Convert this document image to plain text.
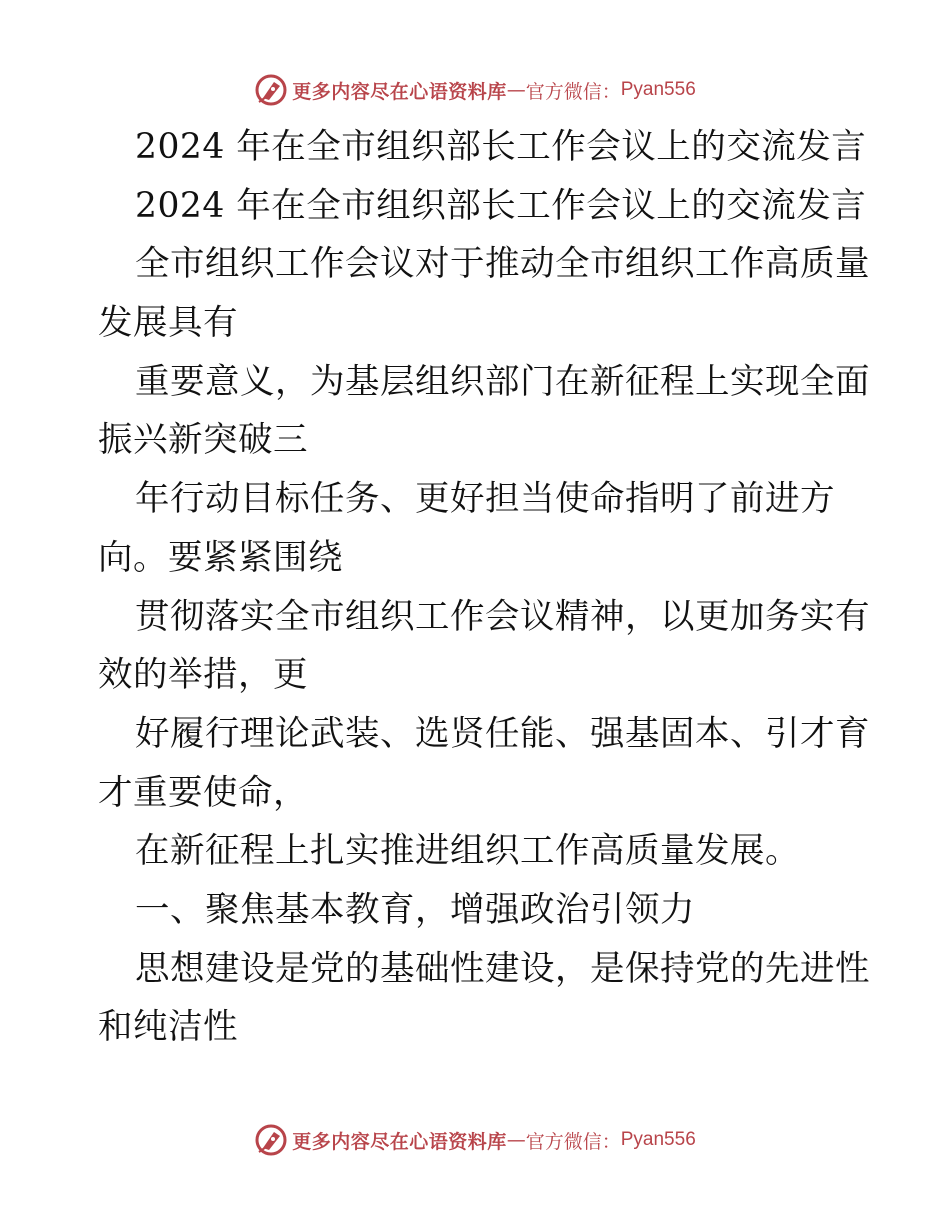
更多内容尽在心语资料库 — 官方微信： Pyan556
2024 年在全市组织部长工作会议上的交流发言
2024 年在全市组织部长工作会议上的交流发言
全市组织工作会议对于推动全市组织工作高质量
发展具有
重要意义，为基层组织部门在新征程上实现全面
振兴新突破三
年行动目标任务、更好担当使命指明了前进方
向。要紧紧围绕
贯彻落实全市组织工作会议精神，以更加务实有
效的举措，更
好履行理论武装、选贤任能、强基固本、引才育
才重要使命，
在新征程上扎实推进组织工作高质量发展。
一、聚焦基本教育，增强政治引领力
思想建设是党的基础性建设，是保持党的先进性
和纯洁性
更多内容尽在心语资料库 — 官方微信： Pyan556
